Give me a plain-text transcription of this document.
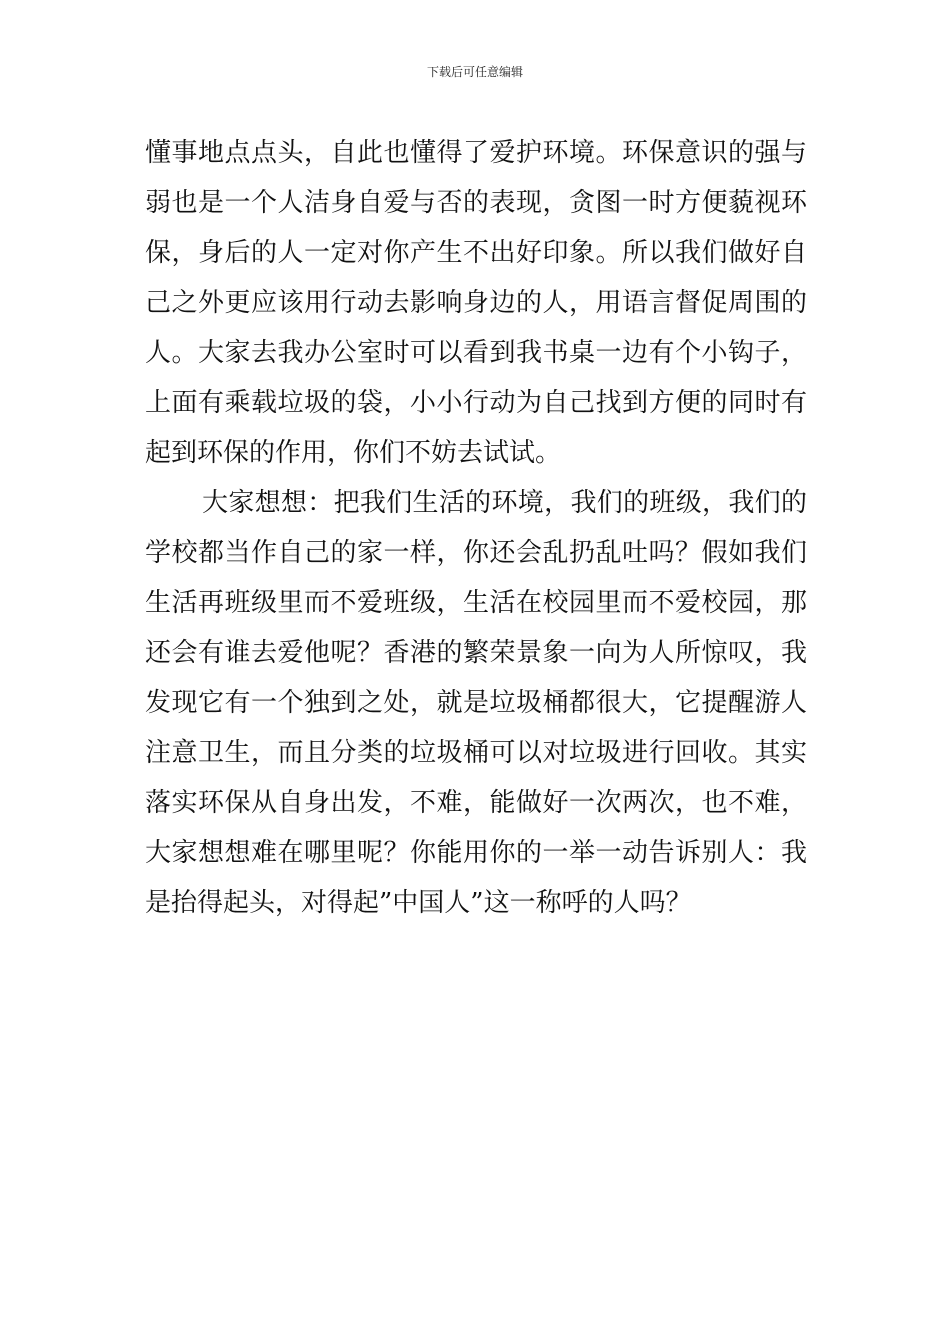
下载后可任意编辑
懂事地点点头，自此也懂得了爱护环境。环保意识的强与
弱也是一个人洁身自爱与否的表现，贪图一时方便藐视环
保，身后的人一定对你产生不出好印象。所以我们做好自
己之外更应该用行动去影响身边的人，用语言督促周围的
人。大家去我办公室时可以看到我书桌一边有个小钩子，
上面有乘载垃圾的袋，小小行动为自己找到方便的同时有
起到环保的作用，你们不妨去试试。
大家想想：把我们生活的环境，我们的班级，我们的
学校都当作自己的家一样，你还会乱扔乱吐吗？假如我们
生活再班级里而不爱班级，生活在校园里而不爱校园，那
还会有谁去爱他呢？香港的繁荣景象一向为人所惊叹，我
发现它有一个独到之处，就是垃圾桶都很大，它提醒游人
注意卫生，而且分类的垃圾桶可以对垃圾进行回收。其实
落实环保从自身出发，不难，能做好一次两次，也不难，
大家想想难在哪里呢？你能用你的一举一动告诉别人：我
是抬得起头，对得起”中国人”这一称呼的人吗？
